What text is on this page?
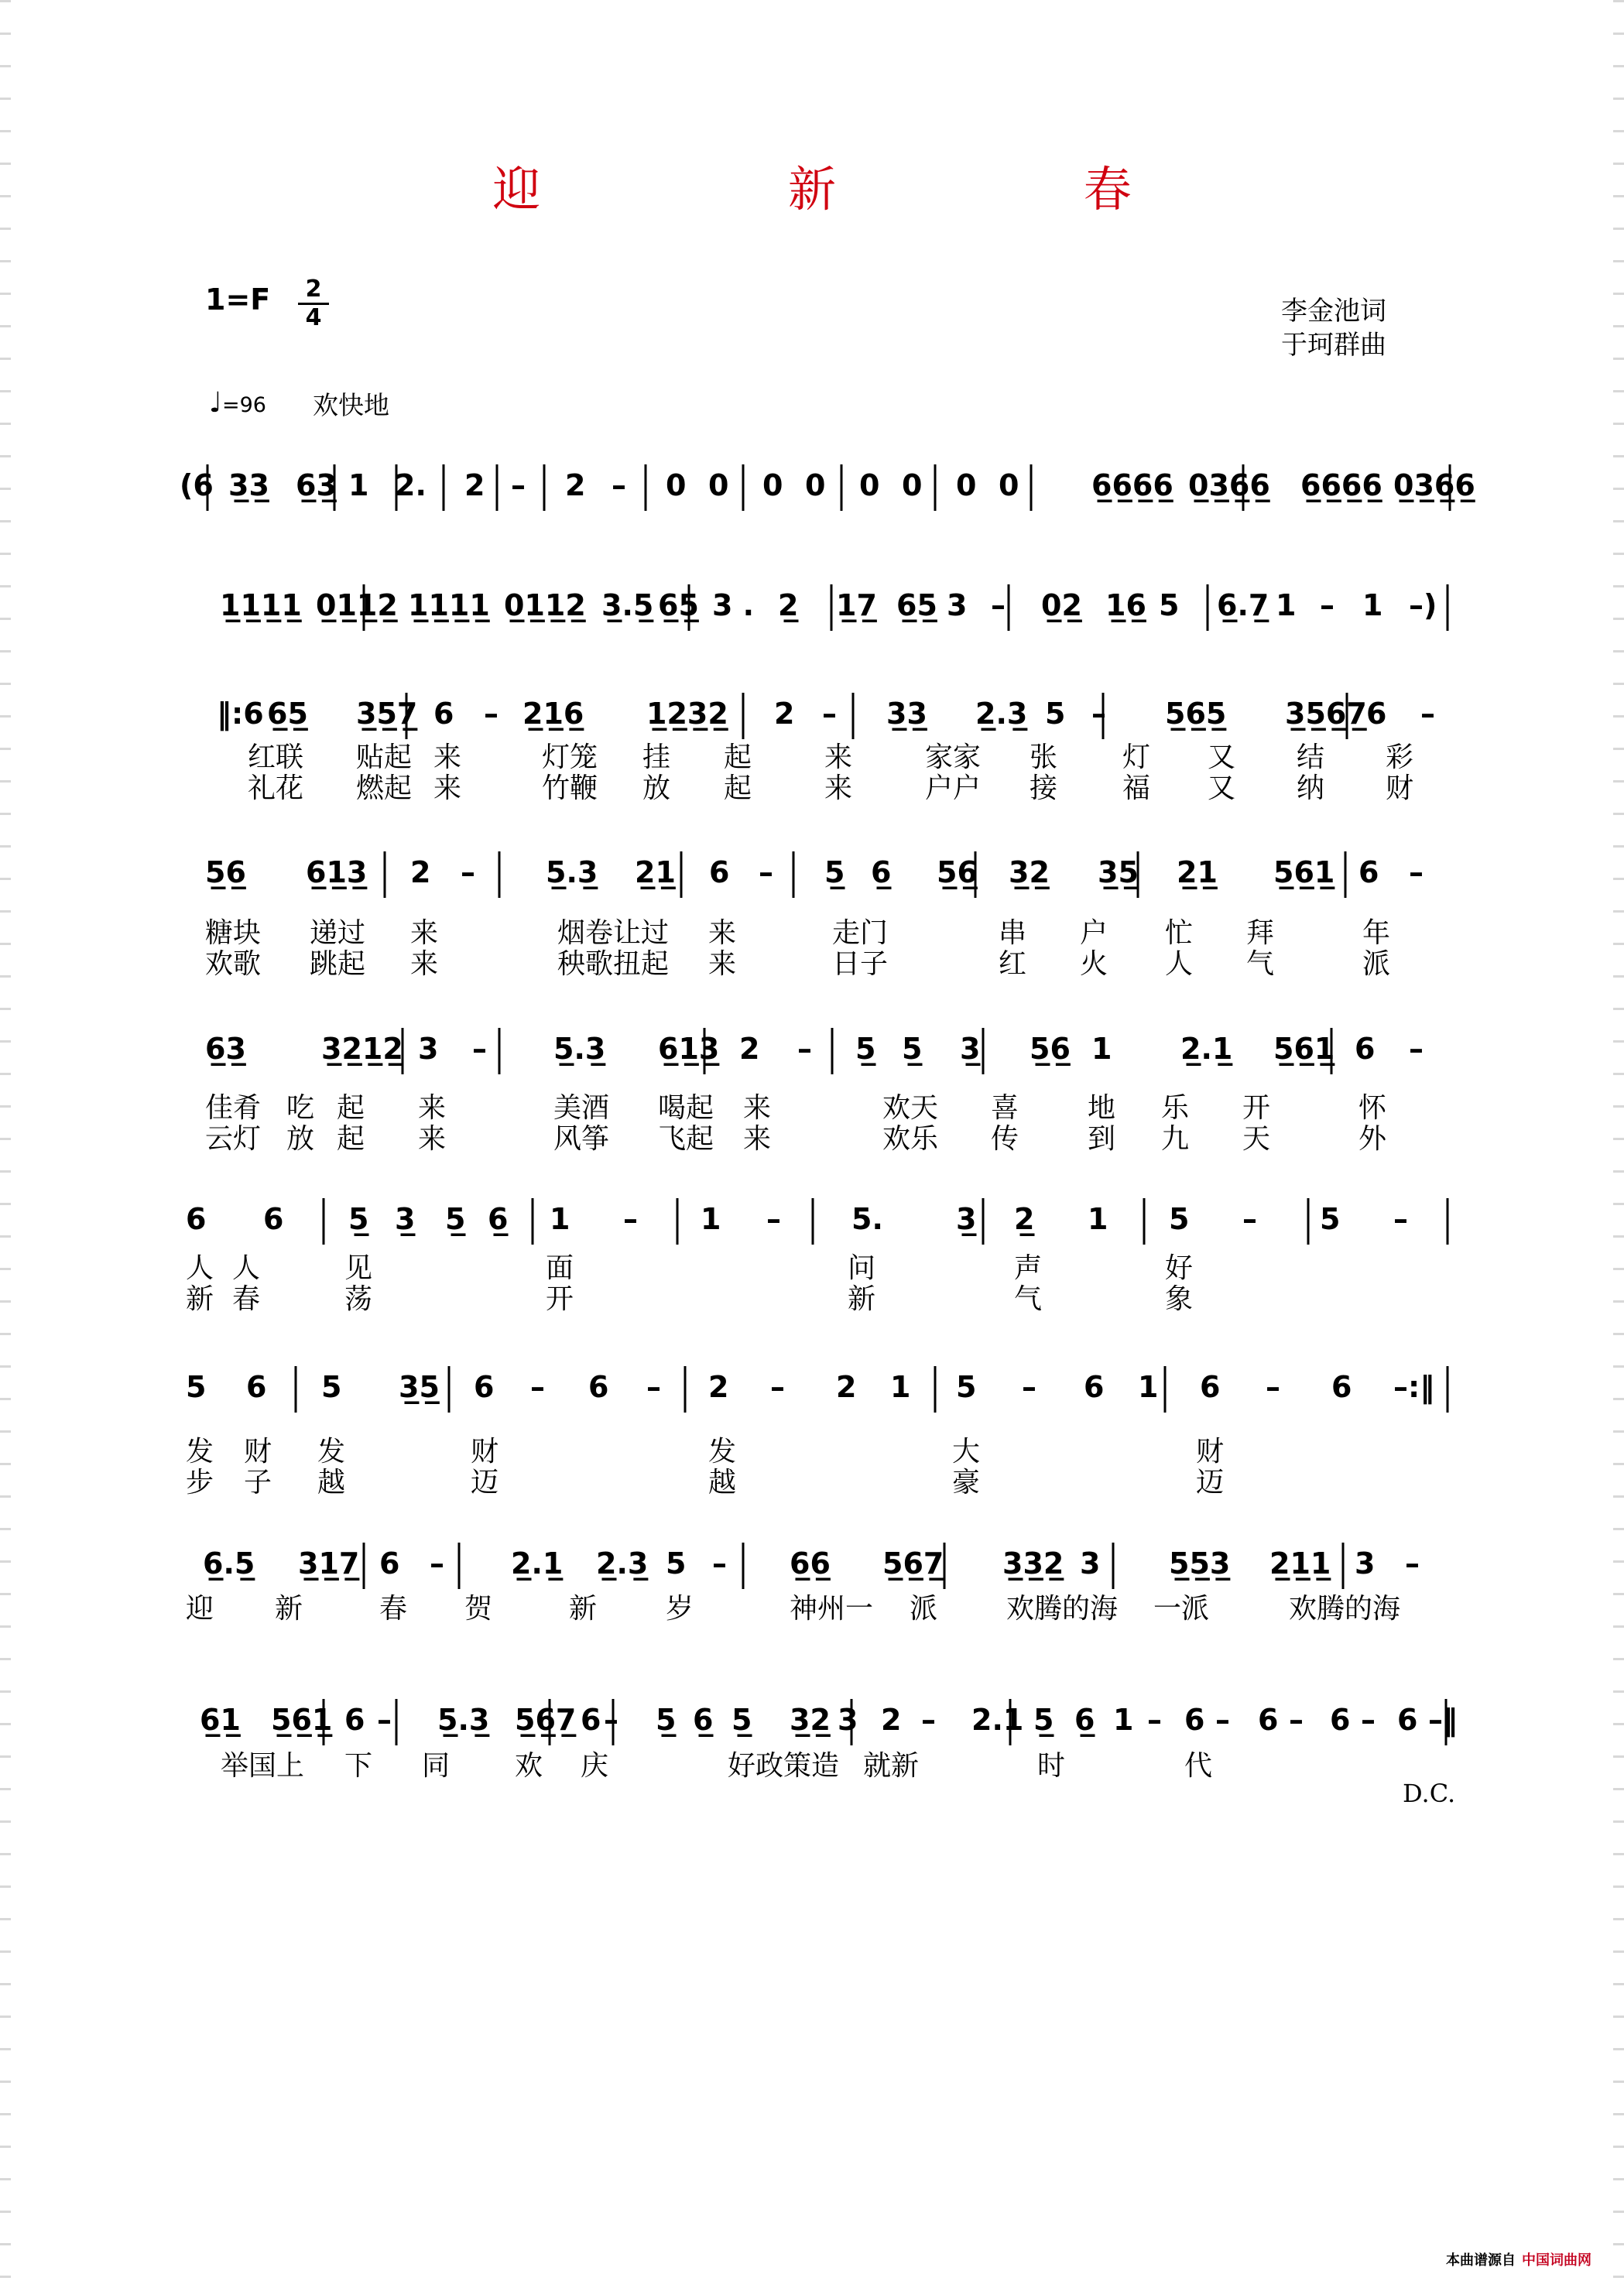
迎 新 春
1=F	2
4	李金池词
于珂群曲
♩=96 欢快地
(6 3̲3̲ 6̲3̲ 1 2. 2 – 2 – 0 0 0 0 0 0 0 0 6̲6̲6̲6̲ 0̲3̲6̲6̲ 6̲6̲6̲6̲ 0̲3̲6̲6̲
1̲1̲1̲1̲ 0̲1̲1̲2̲ 1̲1̲1̲1̲ 0̲1̲1̲2̲ 3̲.5̲ 6̲5̲ 3 . 2̲ 1̲7̲ 6̲5̲ 3 – 0̲2̲ 1̲6̲ 5 6̲.7̲ 1 – 1 –)
‖:6 6̲5̲ 3̲5̲7̲ 6 – 2̲1̲6̲ 1̲2̲3̲2̲ 2 – 3̲3̲ 2̲.3̲ 5 – 5̲6̲5̲ 3̲5̲6̲7̲ 6 –
红联 贴起 来	灯笼 挂 起	来	家家 张 灯 又 结 彩
礼花 燃起 来	竹鞭 放 起	来	户户 接 福 又 纳 财
5̲6̲ 6̲1̲3̲ 2 – 5̲.3̲ 2̲1̲ 6 – 5̲ 6̲ 5̲6̲ 3̲2̲ 3̲5̲ 2̲1̲ 5̲6̲1̲ 6 –
糖块 递过 来	烟卷让过 来	走门	串 户 忙 拜	年
欢歌 跳起 来	秧歌扭起 来	日子	红 火 人 气	派
6̲3̲	3̲2̲1̲2̲ 3 – 5̲.3̲ 6̲1̲3̲ 2 – 5̲ 5̲ 3̲ 5̲6̲ 1 2̲.1̲ 5̲6̲1̲ 6 –
佳肴 吃 起 来	美酒 喝起 来	欢天 喜 地 乐 开	怀
云灯 放 起 来	风筝 飞起 来	欢乐 传 到 九 天	外
6 6 5̲ 3̲ 5̲ 6̲ 1 – 1 – 5. 3̲ 2̲ 1 5 – 5 –
人 人	见	面	问	声	好
新 春	荡	开	新	气	象
5 6 5 3̲5̲ 6 – 6 – 2 – 2 1 5 – 6 1 6 – 6 –:‖
发 财 发	财	发	大	财
步 子 越	迈	越	豪	迈
6̲.5̲ 3̲1̲7̲ 6 – 2̲.1̲ 2̲.3̲ 5 – 6̲6̲ 5̲6̲7̲ 3̲3̲2̲ 3 5̲5̲3̲ 2̲1̲1̲ 3 –
迎 新	春 贺	新 岁	神州一 派 欢腾的海 一派	欢腾的海
6̲1̲ 5̲6̲1̲ 6 – 5̲.3̲ 5̲6̲7̲ 6 – 5̲ 6̲ 5̲ 3̲2̲ 3 2 – 2.1 5̲ 6̲ 1 – 6 – 6 – 6 – 6 –‖
举国上 下 同 欢 庆	好政策造 就新	时	代
D.C.
本曲谱源自 中国词曲网
